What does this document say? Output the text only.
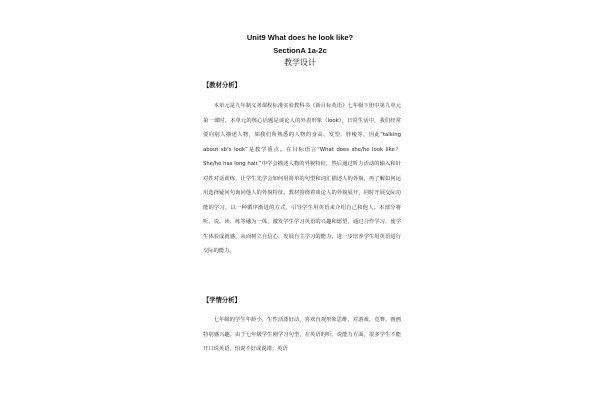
Unit9 What does he look like?
SectionA 1a-2c
教学设计
【教材分析】
本单元是九年制义务课程标准实验教科书《新目标英语》七年级下册中第九单元第一课时，本单元的核心话题是谈论人的外表形象（look），日常生活中，我们经常要向别人描述人物，如我们所熟悉的人物的身高、发型、胖瘦等，因此“talking about sb’s look”是教学重点。在目标语言“What does she/he look like？She/he has long hair.”中学会描述人物的外貌特征，然后通过听力活动的输入和针对性对话训练，让学生先学会如何用简单的句型和词汇描述人的外貌，再了解如何运用选择疑问句询问他人的外貌特征。教材围绕着谈论人的外貌展开，同时开展交际功能的学习，以一种循序渐进的方式，引导学生用英语来介绍自己和他人。本部分将听、说、读、练等融为一体，激发学生学习英语的兴趣和愿望，通过合作学习，使学生体验成就感，从而树立自信心、发展自主学习的能力，进一步培养学生用英语进行交际的能力。
【学情分析】
七年级的学生年龄小，生性活泼好动，喜欢直观形象思维，对游戏、竞赛、画画特别感兴趣。由于七年级学生刚学习句型，在英语的听、说能力方面，很多学生不能开口说英语，怕说不好或说错；英语
